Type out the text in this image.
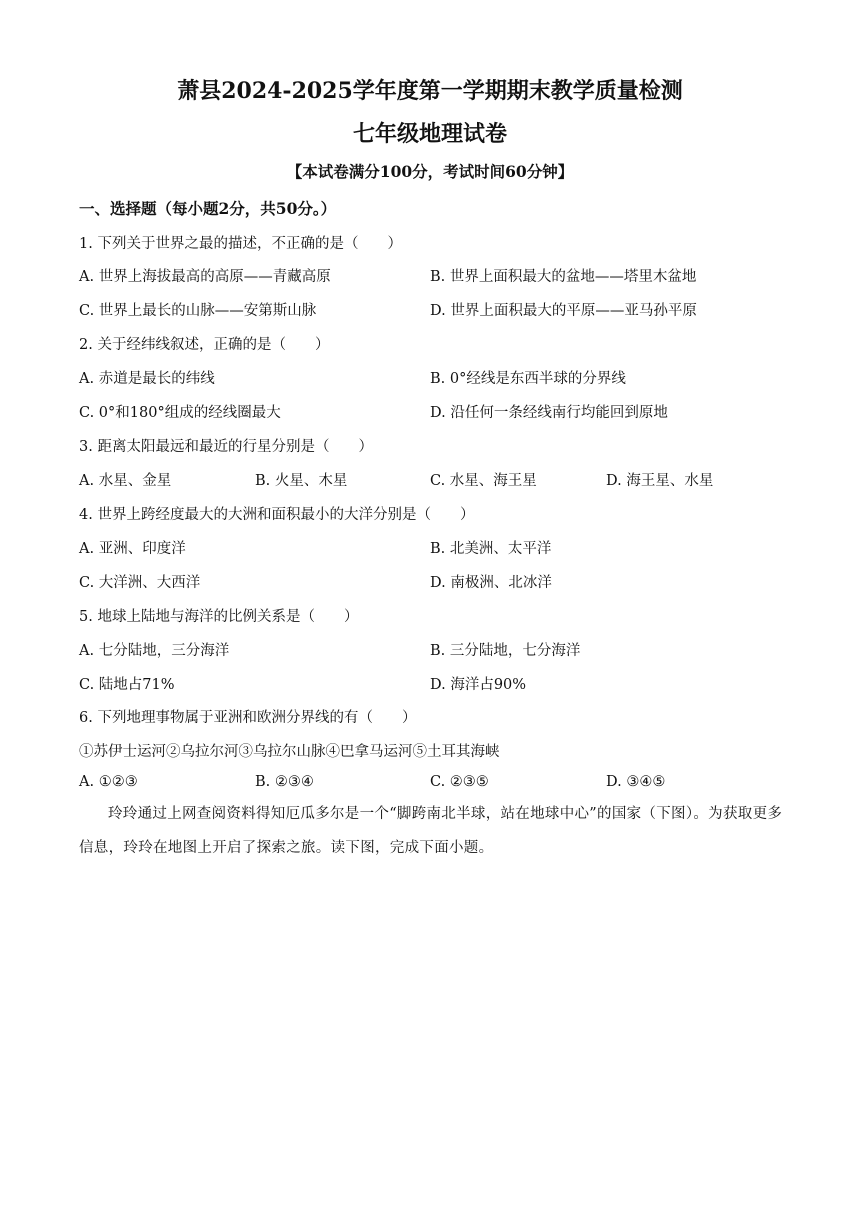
萧县2024-2025学年度第一学期期末教学质量检测
七年级地理试卷
【本试卷满分100分，考试时间60分钟】
一、选择题（每小题2分，共50分。）
1. 下列关于世界之最的描述，不正确的是（　　）
A. 世界上海拔最高的高原——青藏高原	B. 世界上面积最大的盆地——塔里木盆地
C. 世界上最长的山脉——安第斯山脉	D. 世界上面积最大的平原——亚马孙平原
2. 关于经纬线叙述，正确的是（　　）
A. 赤道是最长的纬线	B. 0°经线是东西半球的分界线
C. 0°和180°组成的经线圈最大	D. 沿任何一条经线南行均能回到原地
3. 距离太阳最远和最近的行星分别是（　　）
A. 水星、金星	B. 火星、木星	C. 水星、海王星	D. 海王星、水星
4. 世界上跨经度最大的大洲和面积最小的大洋分别是（　　）
A. 亚洲、印度洋	B. 北美洲、太平洋
C. 大洋洲、大西洋	D. 南极洲、北冰洋
5. 地球上陆地与海洋的比例关系是（　　）
A. 七分陆地，三分海洋	B. 三分陆地，七分海洋
C. 陆地占71%	D. 海洋占90%
6. 下列地理事物属于亚洲和欧洲分界线的有（　　）
①苏伊士运河②乌拉尔河③乌拉尔山脉④巴拿马运河⑤土耳其海峡
A. ①②③	B. ②③④	C. ②③⑤	D. ③④⑤
玲玲通过上网查阅资料得知厄瓜多尔是一个“脚跨南北半球，站在地球中心”的国家（下图）。为获取更多信息，玲玲在地图上开启了探索之旅。读下图，完成下面小题。
